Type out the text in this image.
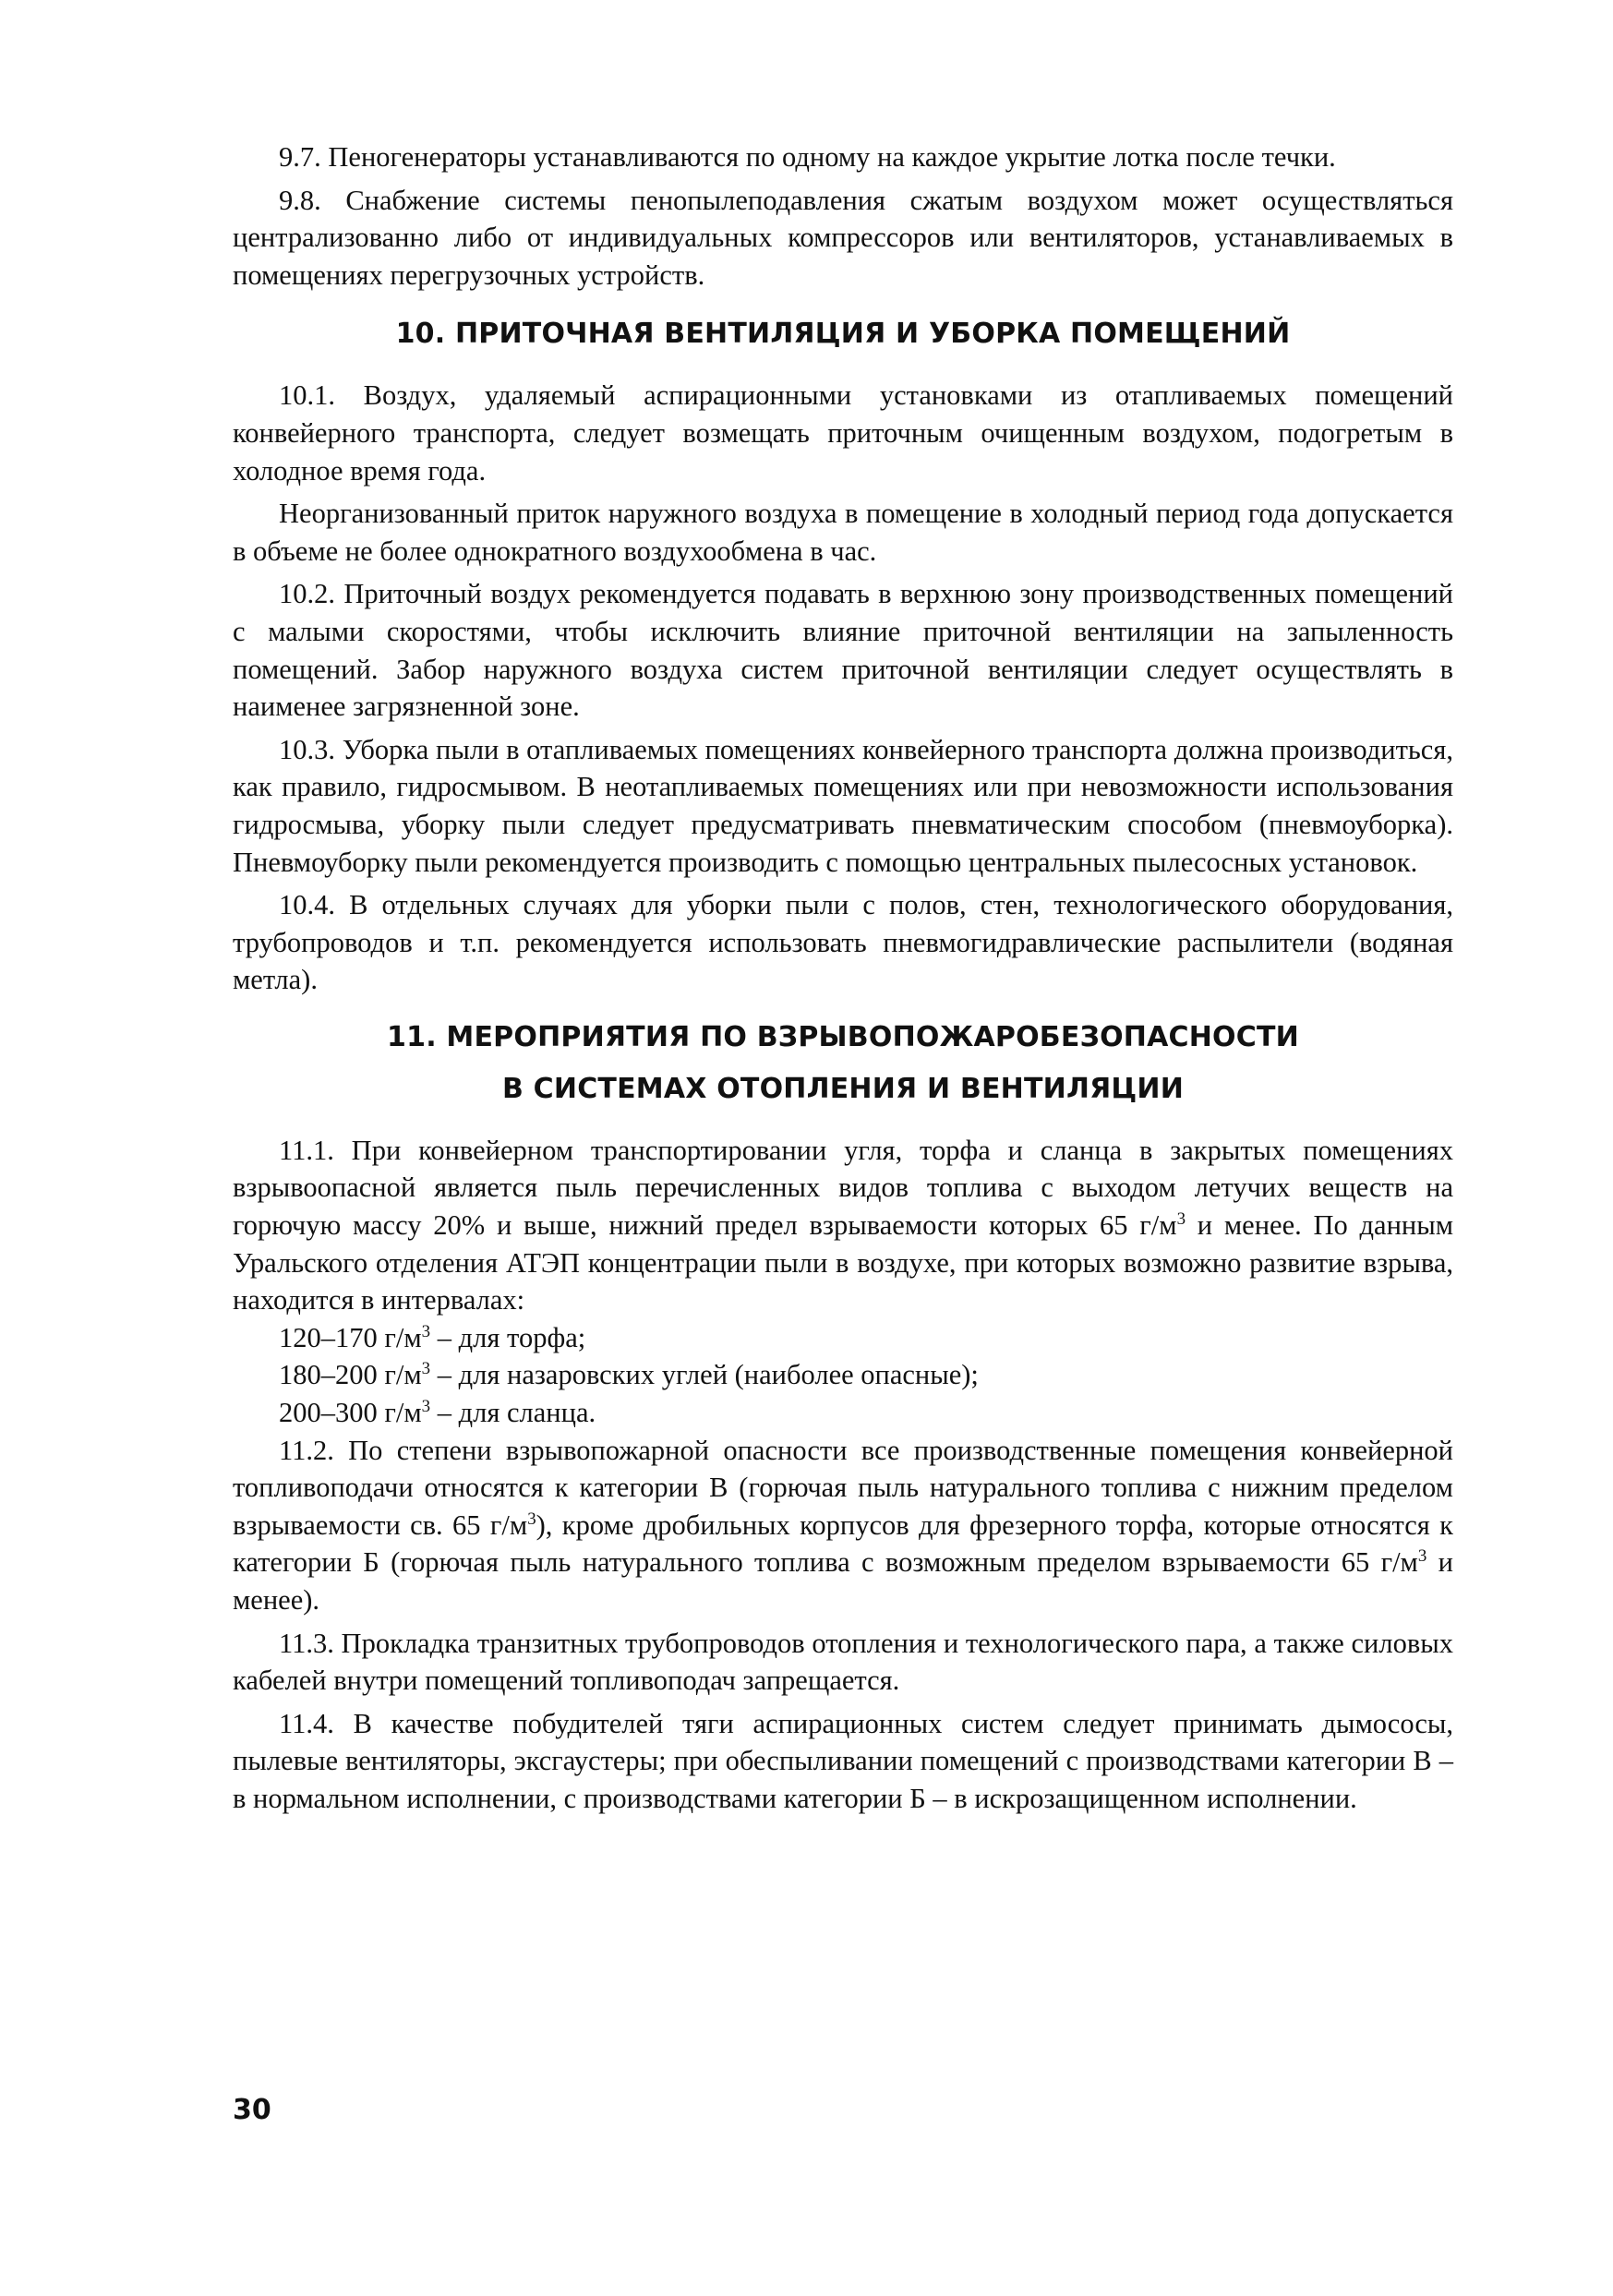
9.7. Пеногенераторы устанавливаются по одному на каждое укрытие лотка после течки.

9.8. Снабжение системы пенопылеподавления сжатым воздухом может осуществляться централизованно либо от индивидуальных компрессоров или вентиляторов, устанавливаемых в помещениях перегрузочных устройств.

10. ПРИТОЧНАЯ ВЕНТИЛЯЦИЯ И УБОРКА ПОМЕЩЕНИЙ

10.1. Воздух, удаляемый аспирационными установками из отапливаемых помещений конвейерного транспорта, следует возмещать приточным очищенным воздухом, подогретым в холодное время года.

Неорганизованный приток наружного воздуха в помещение в холодный период года допускается в объеме не более однократного воздухообмена в час.

10.2. Приточный воздух рекомендуется подавать в верхнюю зону производственных помещений с малыми скоростями, чтобы исключить влияние приточной вентиляции на запыленность помещений. Забор наружного воздуха систем приточной вентиляции следует осуществлять в наименее загрязненной зоне.

10.3. Уборка пыли в отапливаемых помещениях конвейерного транспорта должна производиться, как правило, гидросмывом. В неотапливаемых помещениях или при невозможности использования гидросмыва, уборку пыли следует предусматривать пневматическим способом (пневмоуборка). Пневмоуборку пыли рекомендуется производить с помощью центральных пылесосных установок.

10.4. В отдельных случаях для уборки пыли с полов, стен, технологического оборудования, трубопроводов и т.п. рекомендуется использовать пневмогидравлические распылители (водяная метла).

11. МЕРОПРИЯТИЯ ПО ВЗРЫВОПОЖАРОБЕЗОПАСНОСТИ
В СИСТЕМАХ ОТОПЛЕНИЯ И ВЕНТИЛЯЦИИ

11.1. При конвейерном транспортировании угля, торфа и сланца в закрытых помещениях взрывоопасной является пыль перечисленных видов топлива с выходом летучих веществ на горючую массу 20% и выше, нижний предел взрываемости которых 65 $г/м^3$ и менее. По данным Уральского отделения АТЭП концентрации пыли в воздухе, при которых возможно развитие взрыва, находится в интервалах:

120–170 $г/м^3$ – для торфа;
180–200 $г/м^3$ – для назаровских углей (наиболее опасные);
200–300 $г/м^3$ – для сланца.

11.2. По степени взрывопожарной опасности все производственные помещения конвейерной топливоподачи относятся к категории В (горючая пыль натурального топлива с нижним пределом взрываемости св. 65 $г/м^3$), кроме дробильных корпусов для фрезерного торфа, которые относятся к категории Б (горючая пыль натурального топлива с возможным пределом взрываемости 65 $г/м^3$ и менее).

11.3. Прокладка транзитных трубопроводов отопления и технологического пара, а также силовых кабелей внутри помещений топливоподач запрещается.

11.4. В качестве побудителей тяги аспирационных систем следует принимать дымососы, пылевые вентиляторы, эксгаустеры; при обеспыливании помещений с производствами категории В – в нормальном исполнении, с производствами категории Б – в искрозащищенном исполнении.

30
